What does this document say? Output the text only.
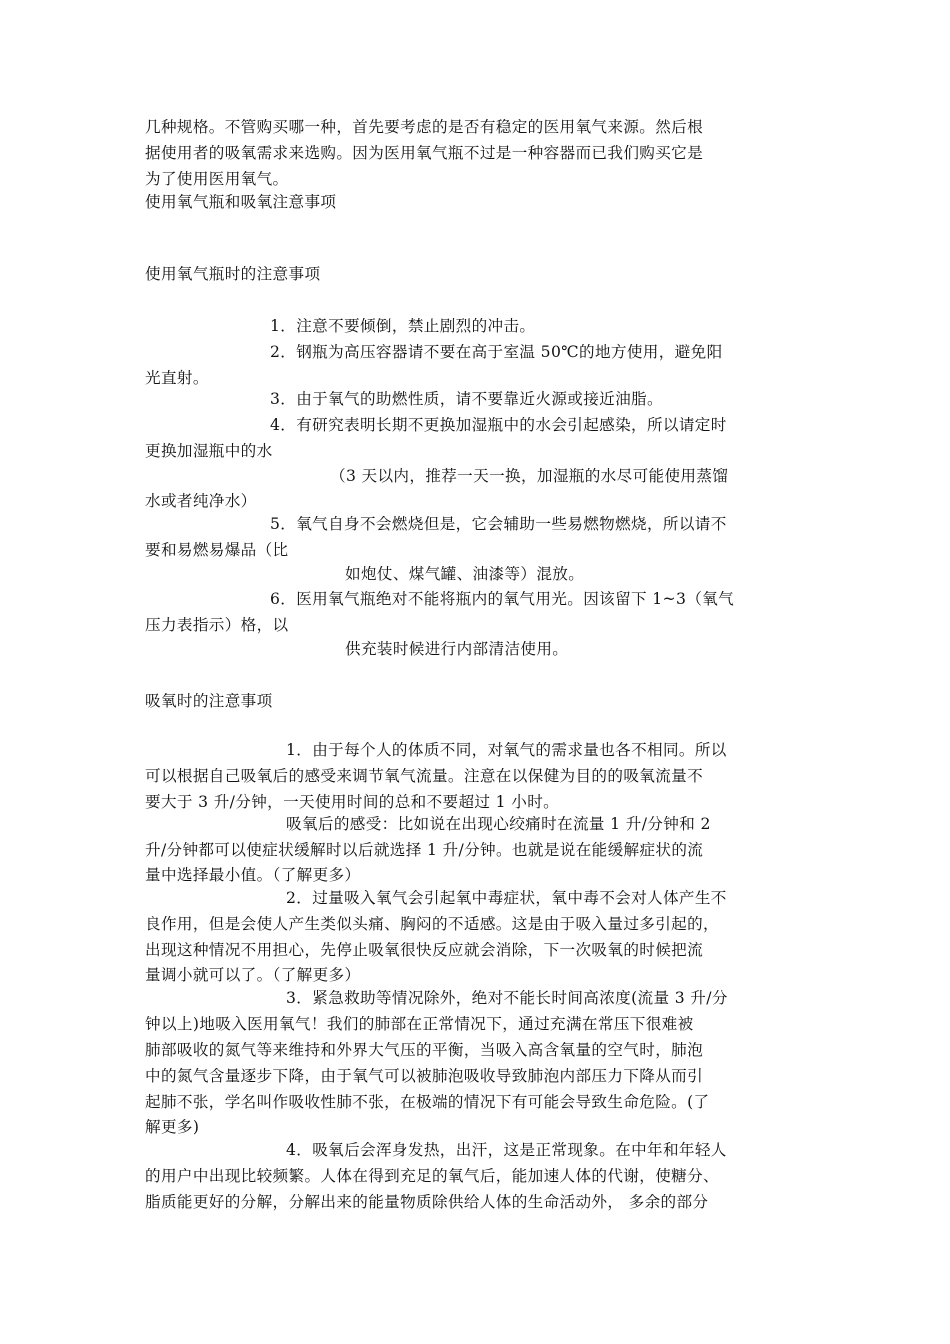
几种规格。不管购买哪一种，首先要考虑的是否有稳定的医用氧气来源。然后根
据使用者的吸氧需求来选购。因为医用氧气瓶不过是一种容器而已我们购买它是
为了使用医用氧气。
使用氧气瓶和吸氧注意事项
使用氧气瓶时的注意事项
1．注意不要倾倒，禁止剧烈的冲击。
2．钢瓶为高压容器请不要在高于室温 50℃的地方使用，避免阳
光直射。
3．由于氧气的助燃性质，请不要靠近火源或接近油脂。
4．有研究表明长期不更换加湿瓶中的水会引起感染，所以请定时
更换加湿瓶中的水
（3 天以内，推荐一天一换，加湿瓶的水尽可能使用蒸馏
水或者纯净水）
5．氧气自身不会燃烧但是，它会辅助一些易燃物燃烧，所以请不
要和易燃易爆品（比
如炮仗、煤气罐、油漆等）混放。
6．医用氧气瓶绝对不能将瓶内的氧气用光。因该留下 1~3（氧气
压力表指示）格，以
供充装时候进行内部清洁使用。
吸氧时的注意事项
1．由于每个人的体质不同，对氧气的需求量也各不相同。所以
可以根据自己吸氧后的感受来调节氧气流量。注意在以保健为目的的吸氧流量不
要大于 3 升/分钟，一天使用时间的总和不要超过 1 小时。
吸氧后的感受：比如说在出现心绞痛时在流量 1 升/分钟和 2
升/分钟都可以使症状缓解时以后就选择 1 升/分钟。也就是说在能缓解症状的流
量中选择最小值。（了解更多）
2．过量吸入氧气会引起氧中毒症状，氧中毒不会对人体产生不
良作用，但是会使人产生类似头痛、胸闷的不适感。这是由于吸入量过多引起的，
出现这种情况不用担心，先停止吸氧很快反应就会消除，下一次吸氧的时候把流
量调小就可以了。（了解更多）
3．紧急救助等情况除外，绝对不能长时间高浓度(流量 3 升/分
钟以上)地吸入医用氧气！我们的肺部在正常情况下，通过充满在常压下很难被
肺部吸收的氮气等来维持和外界大气压的平衡，当吸入高含氧量的空气时，肺泡
中的氮气含量逐步下降，由于氧气可以被肺泡吸收导致肺泡内部压力下降从而引
起肺不张，学名叫作吸收性肺不张，在极端的情况下有可能会导致生命危险。(了
解更多)
4．吸氧后会浑身发热，出汗，这是正常现象。在中年和年轻人
的用户中出现比较频繁。人体在得到充足的氧气后，能加速人体的代谢，使糖分、
脂质能更好的分解，分解出来的能量物质除供给人体的生命活动外， 多余的部分
